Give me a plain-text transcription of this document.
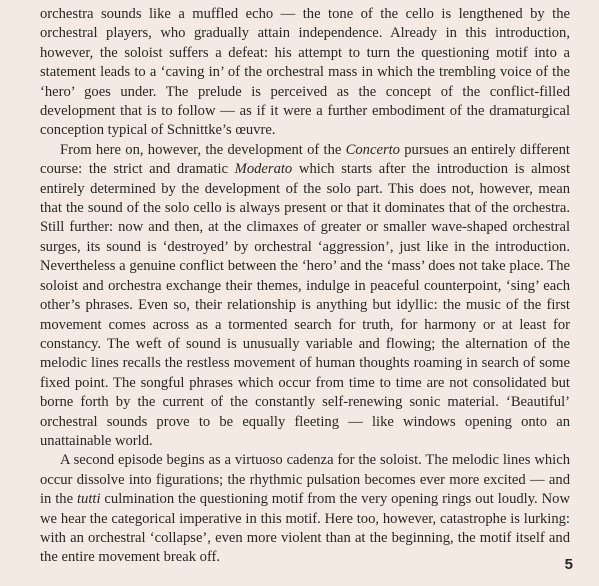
orchestra sounds like a muffled echo — the tone of the cello is lengthened by the orchestral players, who gradually attain independence. Already in this introduction, however, the soloist suffers a defeat: his attempt to turn the questioning motif into a statement leads to a ‘caving in’ of the orchestral mass in which the trembling voice of the ‘hero’ goes under. The prelude is perceived as the concept of the conflict-filled development that is to follow — as if it were a further embodiment of the dramaturgical conception typical of Schnittke’s œuvre.

From here on, however, the development of the Concerto pursues an entirely different course: the strict and dramatic Moderato which starts after the introduction is almost entirely determined by the development of the solo part. This does not, however, mean that the sound of the solo cello is always present or that it dominates that of the orchestra. Still further: now and then, at the climaxes of greater or smaller wave-shaped orchestral surges, its sound is ‘destroyed’ by orchestral ‘aggression’, just like in the introduction. Nevertheless a genuine conflict between the ‘hero’ and the ‘mass’ does not take place. The soloist and orchestra exchange their themes, indulge in peaceful counterpoint, ‘sing’ each other’s phrases. Even so, their relationship is anything but idyllic: the music of the first movement comes across as a tormented search for truth, for harmony or at least for constancy. The weft of sound is unusually variable and flowing; the alternation of the melodic lines recalls the restless movement of human thoughts roaming in search of some fixed point. The songful phrases which occur from time to time are not consolidated but borne forth by the current of the constantly self-renewing sonic material. ‘Beautiful’ orchestral sounds prove to be equally fleeting — like windows opening onto an unattainable world.

A second episode begins as a virtuoso cadenza for the soloist. The melodic lines which occur dissolve into figurations; the rhythmic pulsation becomes ever more excited — and in the tutti culmination the questioning motif from the very opening rings out loudly. Now we hear the categorical imperative in this motif. Here too, however, catastrophe is lurking: with an orchestral ‘collapse’, even more violent than at the beginning, the motif itself and the entire movement break off.	5
